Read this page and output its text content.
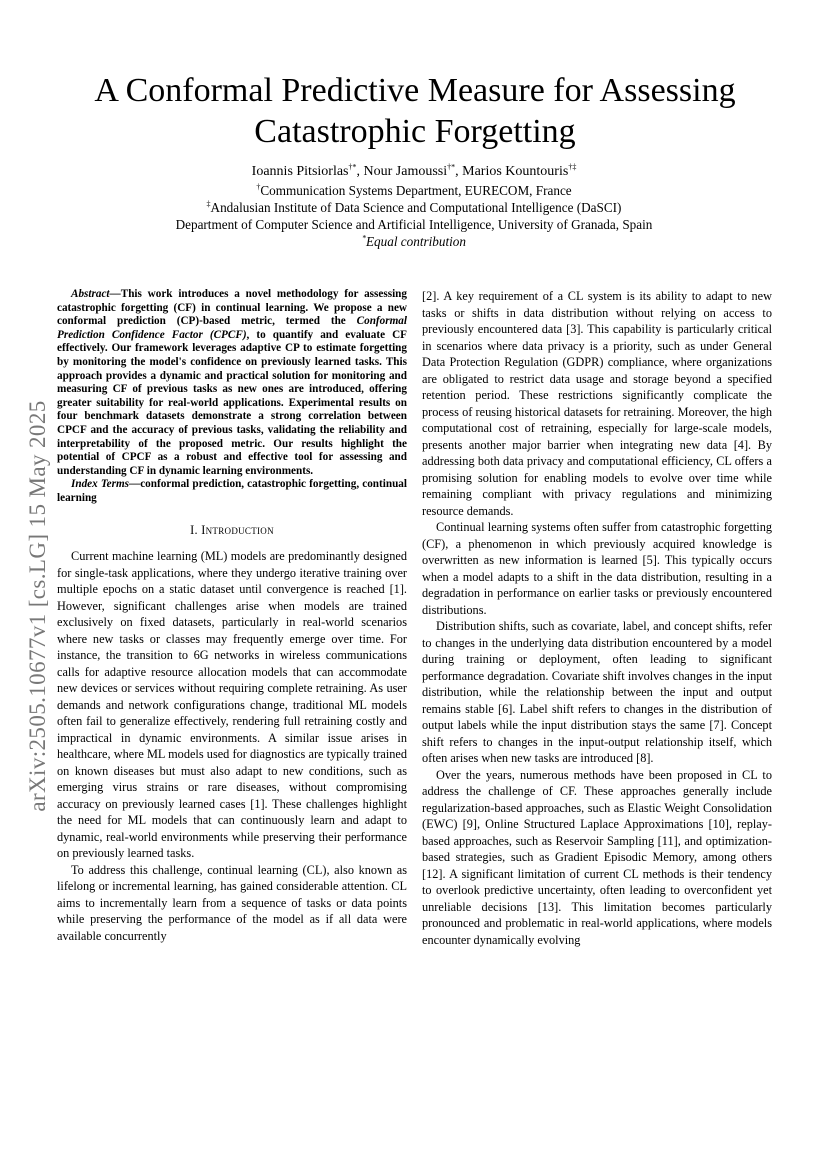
arXiv:2505.10677v1 [cs.LG] 15 May 2025
A Conformal Predictive Measure for Assessing Catastrophic Forgetting
Ioannis Pitsiorlas†*, Nour Jamoussi†*, Marios Kountouris†‡
†Communication Systems Department, EURECOM, France
‡Andalusian Institute of Data Science and Computational Intelligence (DaSCI)
Department of Computer Science and Artificial Intelligence, University of Granada, Spain
*Equal contribution

Abstract—This work introduces a novel methodology for assessing catastrophic forgetting (CF) in continual learning. We propose a new conformal prediction (CP)-based metric, termed the Conformal Prediction Confidence Factor (CPCF), to quantify and evaluate CF effectively. Our framework leverages adaptive CP to estimate forgetting by monitoring the model's confidence on previously learned tasks. This approach provides a dynamic and practical solution for monitoring and measuring CF of previous tasks as new ones are introduced, offering greater suitability for real-world applications. Experimental results on four benchmark datasets demonstrate a strong correlation between CPCF and the accuracy of previous tasks, validating the reliability and interpretability of the proposed metric. Our results highlight the potential of CPCF as a robust and effective tool for assessing and understanding CF in dynamic learning environments.

Index Terms—conformal prediction, catastrophic forgetting, continual learning

I. Introduction

Current machine learning (ML) models are predominantly designed for single-task applications, where they undergo iterative training over multiple epochs on a static dataset until convergence is reached [1]. However, significant challenges arise when models are trained exclusively on fixed datasets, particularly in real-world scenarios where new tasks or classes may frequently emerge over time. For instance, the transition to 6G networks in wireless communications calls for adaptive resource allocation models that can accommodate new devices or services without requiring complete retraining. As user demands and network configurations change, traditional ML models often fail to generalize effectively, rendering full retraining costly and impractical in dynamic environments. A similar issue arises in healthcare, where ML models used for diagnostics are typically trained on known diseases but must also adapt to new conditions, such as emerging virus strains or rare diseases, without compromising accuracy on previously learned cases [1]. These challenges highlight the need for ML models that can continuously learn and adapt to dynamic, real-world environments while preserving their performance on previously learned tasks.

To address this challenge, continual learning (CL), also known as lifelong or incremental learning, has gained considerable attention. CL aims to incrementally learn from a sequence of tasks or data points while preserving the performance of the model as if all data were available concurrently

[2]. A key requirement of a CL system is its ability to adapt to new tasks or shifts in data distribution without relying on access to previously encountered data [3]. This capability is particularly critical in scenarios where data privacy is a priority, such as under General Data Protection Regulation (GDPR) compliance, where organizations are obligated to restrict data usage and storage beyond a specified retention period. These restrictions significantly complicate the process of reusing historical datasets for retraining. Moreover, the high computational cost of retraining, especially for large-scale models, presents another major barrier when integrating new data [4]. By addressing both data privacy and computational efficiency, CL offers a promising solution for enabling models to evolve over time while remaining compliant with privacy regulations and minimizing resource demands.

Continual learning systems often suffer from catastrophic forgetting (CF), a phenomenon in which previously acquired knowledge is overwritten as new information is learned [5]. This typically occurs when a model adapts to a shift in the data distribution, resulting in a degradation in performance on earlier tasks or previously encountered distributions.

Distribution shifts, such as covariate, label, and concept shifts, refer to changes in the underlying data distribution encountered by a model during training or deployment, often leading to significant performance degradation. Covariate shift involves changes in the input distribution, while the relationship between the input and output remains stable [6]. Label shift refers to changes in the distribution of output labels while the input distribution stays the same [7]. Concept shift refers to changes in the input-output relationship itself, which often arises when new tasks are introduced [8].

Over the years, numerous methods have been proposed in CL to address the challenge of CF. These approaches generally include regularization-based approaches, such as Elastic Weight Consolidation (EWC) [9], Online Structured Laplace Approximations [10], replay-based approaches, such as Reservoir Sampling [11], and optimization-based strategies, such as Gradient Episodic Memory, among others [12]. A significant limitation of current CL methods is their tendency to overlook predictive uncertainty, often leading to overconfident yet unreliable decisions [13]. This limitation becomes particularly pronounced and problematic in real-world applications, where models encounter dynamically evolving
